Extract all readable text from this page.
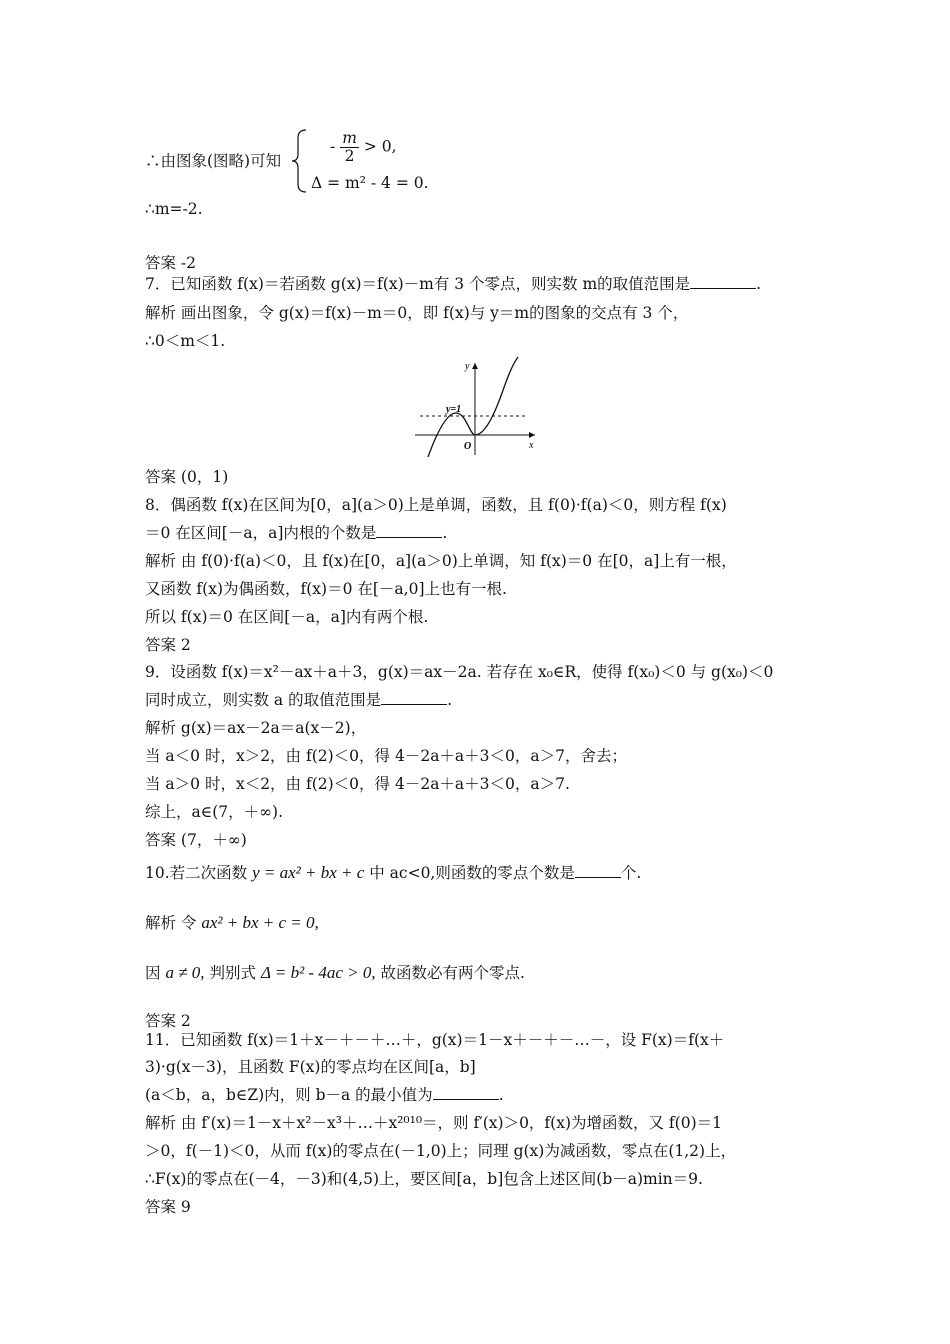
∴由图象(图略)可知
- $\frac{m}{2} > 0$,
Δ = m² - 4 = 0.
∴m=-2.
答案 -2
7．已知函数 f(x)＝若函数 g(x)＝f(x)－m有 3 个零点，则实数 m的取值范围是	.
解析 画出图象，令 g(x)＝f(x)－m＝0，即 f(x)与 y＝m的图象的交点有 3 个，
∴0＜m＜1.
y
x
y=1
O
答案 (0，1)
8．偶函数 f(x)在区间为[0，a](a＞0)上是单调，函数，且 f(0)·f(a)＜0，则方程 f(x)
＝0 在区间[－a，a]内根的个数是	.
解析 由 f(0)·f(a)＜0，且 f(x)在[0，a](a＞0)上单调，知 f(x)＝0 在[0，a]上有一根，
又函数 f(x)为偶函数，f(x)＝0 在[－a,0]上也有一根.
所以 f(x)＝0 在区间[－a，a]内有两个根.
答案 2
9．设函数 f(x)＝x²－ax＋a＋3，g(x)＝ax－2a. 若存在 x₀∈R，使得 f(x₀)＜0 与 g(x₀)＜0
同时成立，则实数 a 的取值范围是	.
解析 g(x)＝ax－2a＝a(x－2)，
当 a＜0 时，x＞2，由 f(2)＜0，得 4－2a＋a＋3＜0，a＞7，舍去；
当 a＞0 时，x＜2，由 f(2)＜0，得 4－2a＋a＋3＜0，a＞7.
综上，a∈(7，＋∞).
答案 (7，＋∞)
10.若二次函数 y = ax² + bx + c 中 ac<0,则函数的零点个数是	个.
解析 令 ax² + bx + c = 0,
因 a ≠ 0, 判别式 Δ = b² - 4ac > 0, 故函数必有两个零点.
答案 2
11．已知函数 f(x)＝1＋x－＋－＋…＋，g(x)＝1－x＋－＋－…－，设 F(x)＝f(x＋
3)·g(x－3)，且函数 F(x)的零点均在区间[a，b]
(a＜b，a，b∈Z)内，则 b－a 的最小值为	.
解析 由 f′(x)＝1－x＋x²－x³＋…＋x²⁰¹⁰＝，则 f′(x)＞0，f(x)为增函数，又 f(0)＝1
＞0，f(－1)＜0，从而 f(x)的零点在(－1,0)上；同理 g(x)为减函数，零点在(1,2)上，
∴F(x)的零点在(－4，－3)和(4,5)上，要区间[a，b]包含上述区间(b－a)min＝9.
答案 9
